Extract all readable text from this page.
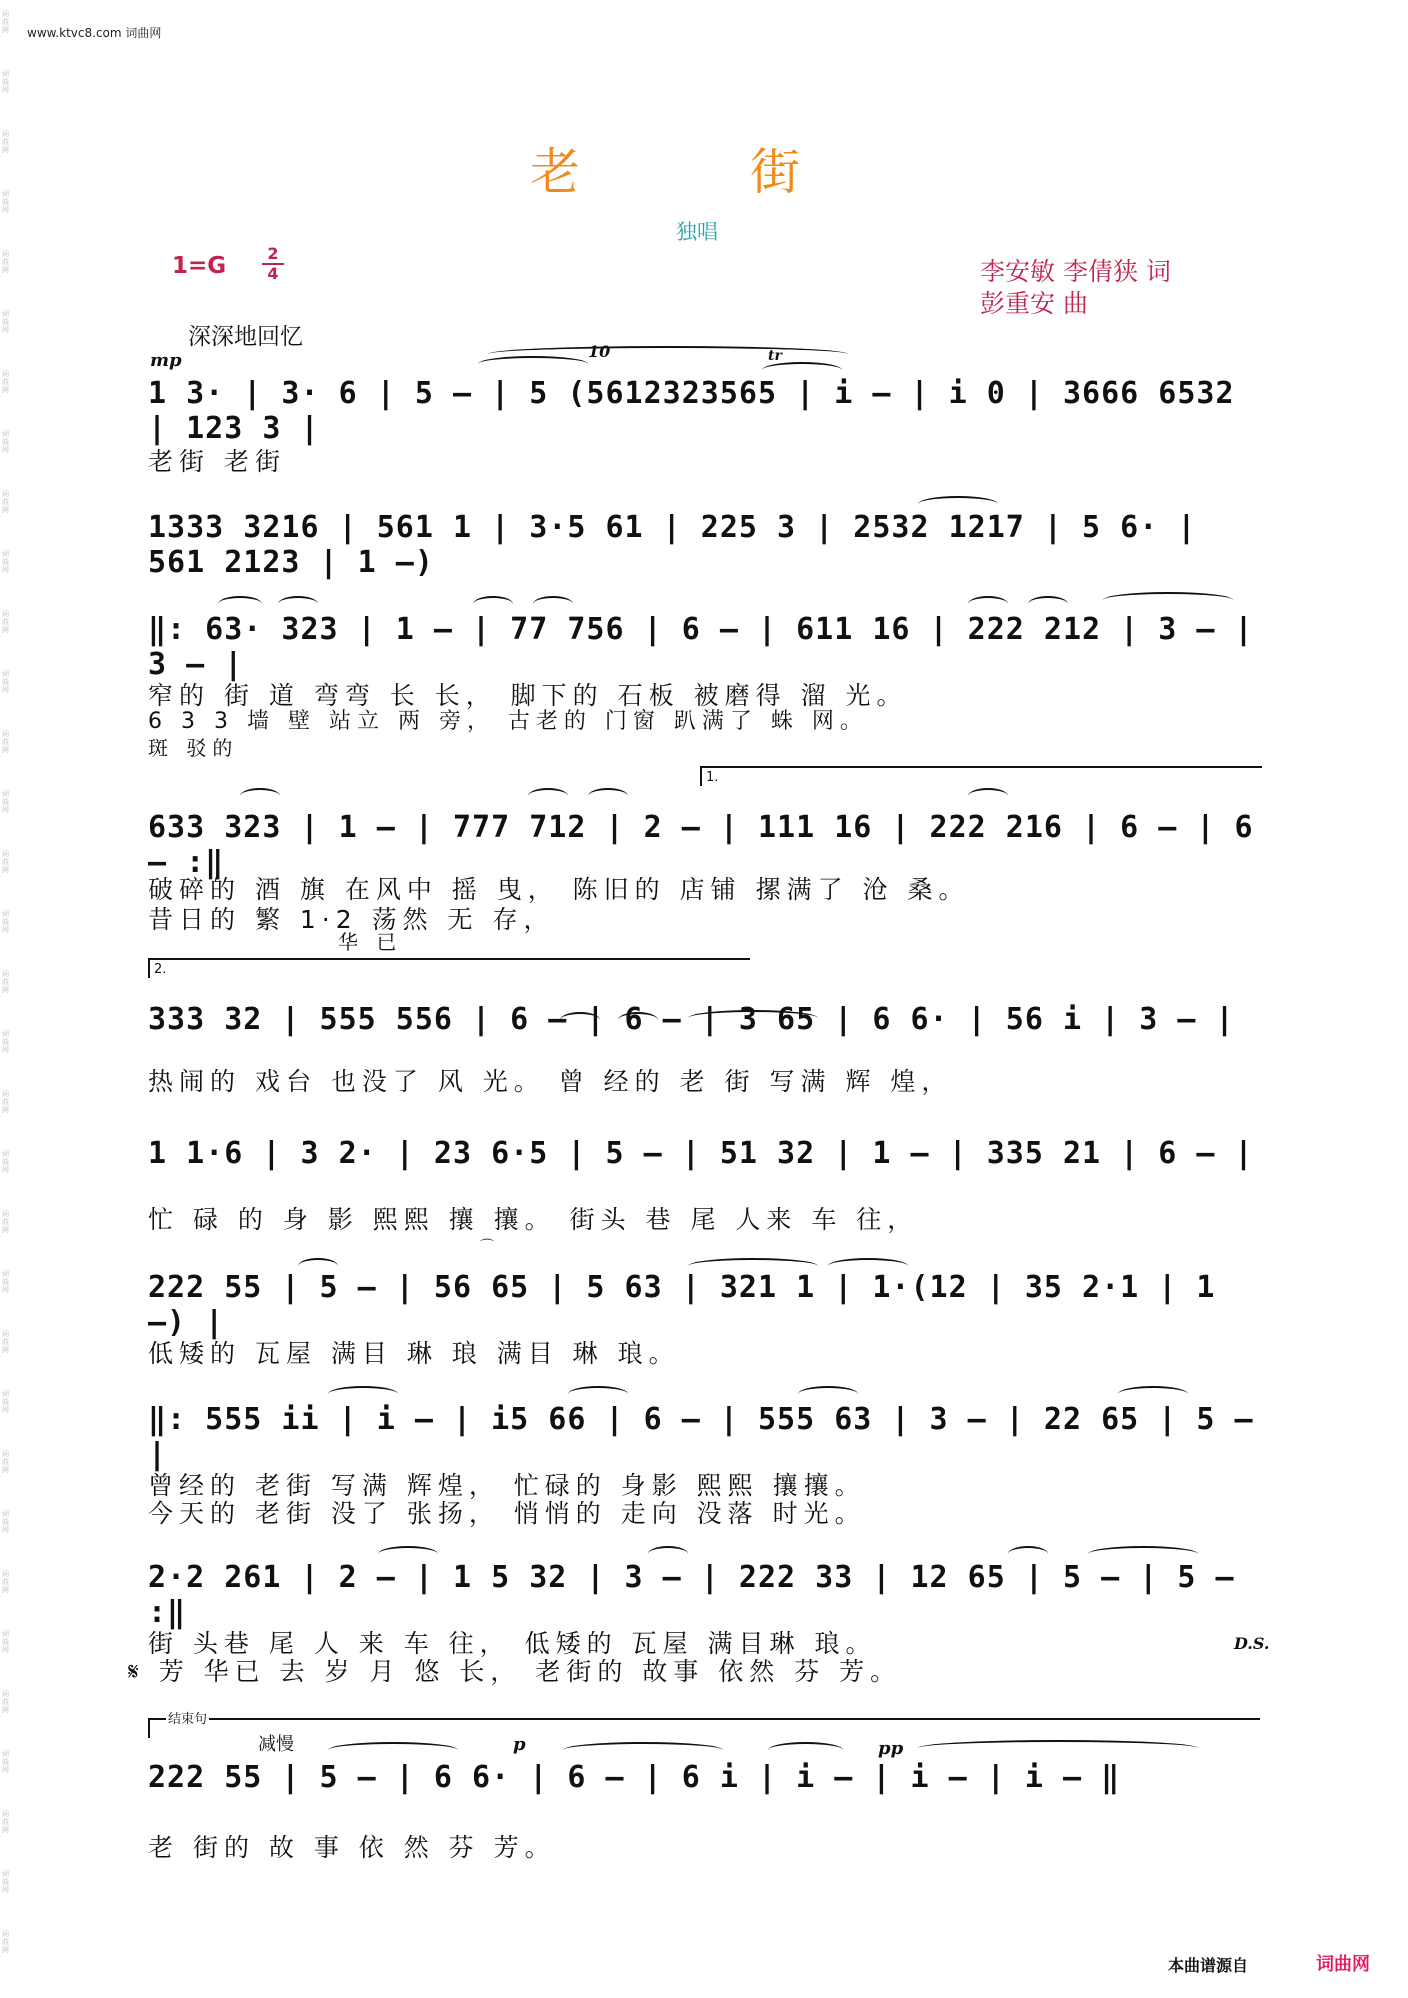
词曲网
词曲网
词曲网
词曲网
词曲网
词曲网
词曲网
词曲网
词曲网
词曲网
词曲网
词曲网
词曲网
词曲网
词曲网
词曲网
词曲网
词曲网
词曲网
词曲网
词曲网
词曲网
词曲网
词曲网
词曲网
词曲网
词曲网
词曲网
词曲网
词曲网
词曲网
词曲网
词曲网
www.ktvc8.com 词曲网
老街
独唱
1=G	2
4	李安敏 李倩狭 词
彭重安 曲
深深地回忆
mp	tr
10
1 3· | 3· 6 | 5 – | 5 (5612323565 | i – | i 0 | 3666 6532 | 123 3 |
老街 老街
1333 3216 | 561 1 | 3·5 61 | 225 3 | 2532 1217 | 5 6· | 561 2123 | 1 –)
‖: 63· 323 | 1 – | 77 756 | 6 – | 611 16 | 222 212 | 3 – | 3 – |
窄的 街 道 弯弯 长 长， 脚下的 石板 被磨得 溜 光。
6 3 3 墙 壁 站立 两 旁， 古老的 门窗 趴满了 蛛 网。
斑 驳的
1.
633 323 | 1 – | 777 712 | 2 – | 111 16 | 222 216 | 6 – | 6 – :‖
破碎的 酒 旗 在风中 摇 曳， 陈旧的 店铺 摞满了 沧 桑。
昔日的 繁 1·2 荡然 无 存，
华 已
2.
333 32 | 555 556 | 6 – | 6 – | 3 65 | 6 6· | 56 i | 3 – |
热闹的 戏台 也没了 风 光。 曾 经的 老 街 写满 辉 煌，
1 1·6 | 3 2· | 23 6·5 | 5 – | 51 32 | 1 – | 335 21 | 6 – |
忙 碌 的 身 影 熙熙 攘 攘。 街头 巷 尾 人来 车 往，
⌒
222 55 | 5 – | 56 65 | 5 63 | 321 1 | 1·(12 | 35 2·1 | 1 –) |
低矮的 瓦屋 满目 琳 琅 满目 琳 琅。
‖: 555 ii | i – | i5 66 | 6 – | 555 63 | 3 – | 22 65 | 5 – |
曾经的 老街 写满 辉煌， 忙碌的 身影 熙熙 攘攘。
今天的 老街 没了 张扬， 悄悄的 走向 没落 时光。
2·2 261 | 2 – | 1 5 32 | 3 – | 222 33 | 12 65 | 5 – | 5 – :‖
D.S.
街 头巷 尾 人 来 车 往， 低矮的 瓦屋 满目琳 琅。
𝄋 芳 华已 去 岁 月 悠 长， 老街的 故事 依然 芬 芳。
结束句
减慢	p	pp
222 55 | 5 – | 6 6· | 6 – | 6 i | i – | i – | i – ‖
老 街的 故 事 依 然 芬 芳。
本曲谱源自	词曲网
